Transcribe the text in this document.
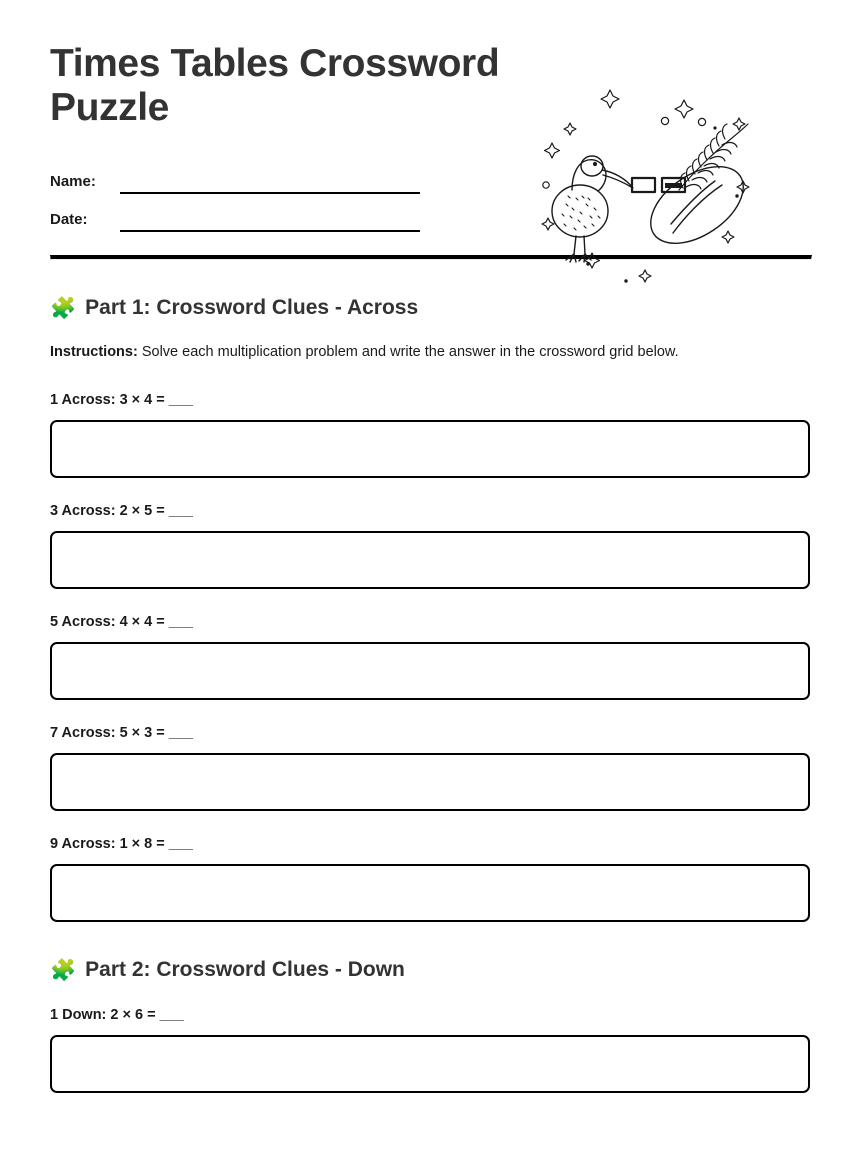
Times Tables Crossword Puzzle
Name:
Date:
🧩 Part 1: Crossword Clues - Across
Instructions: Solve each multiplication problem and write the answer in the crossword grid below.
1 Across: 3 × 4 = ___
3 Across: 2 × 5 = ___
5 Across: 4 × 4 = ___
7 Across: 5 × 3 = ___
9 Across: 1 × 8 = ___
🧩 Part 2: Crossword Clues - Down
1 Down: 2 × 6 = ___
